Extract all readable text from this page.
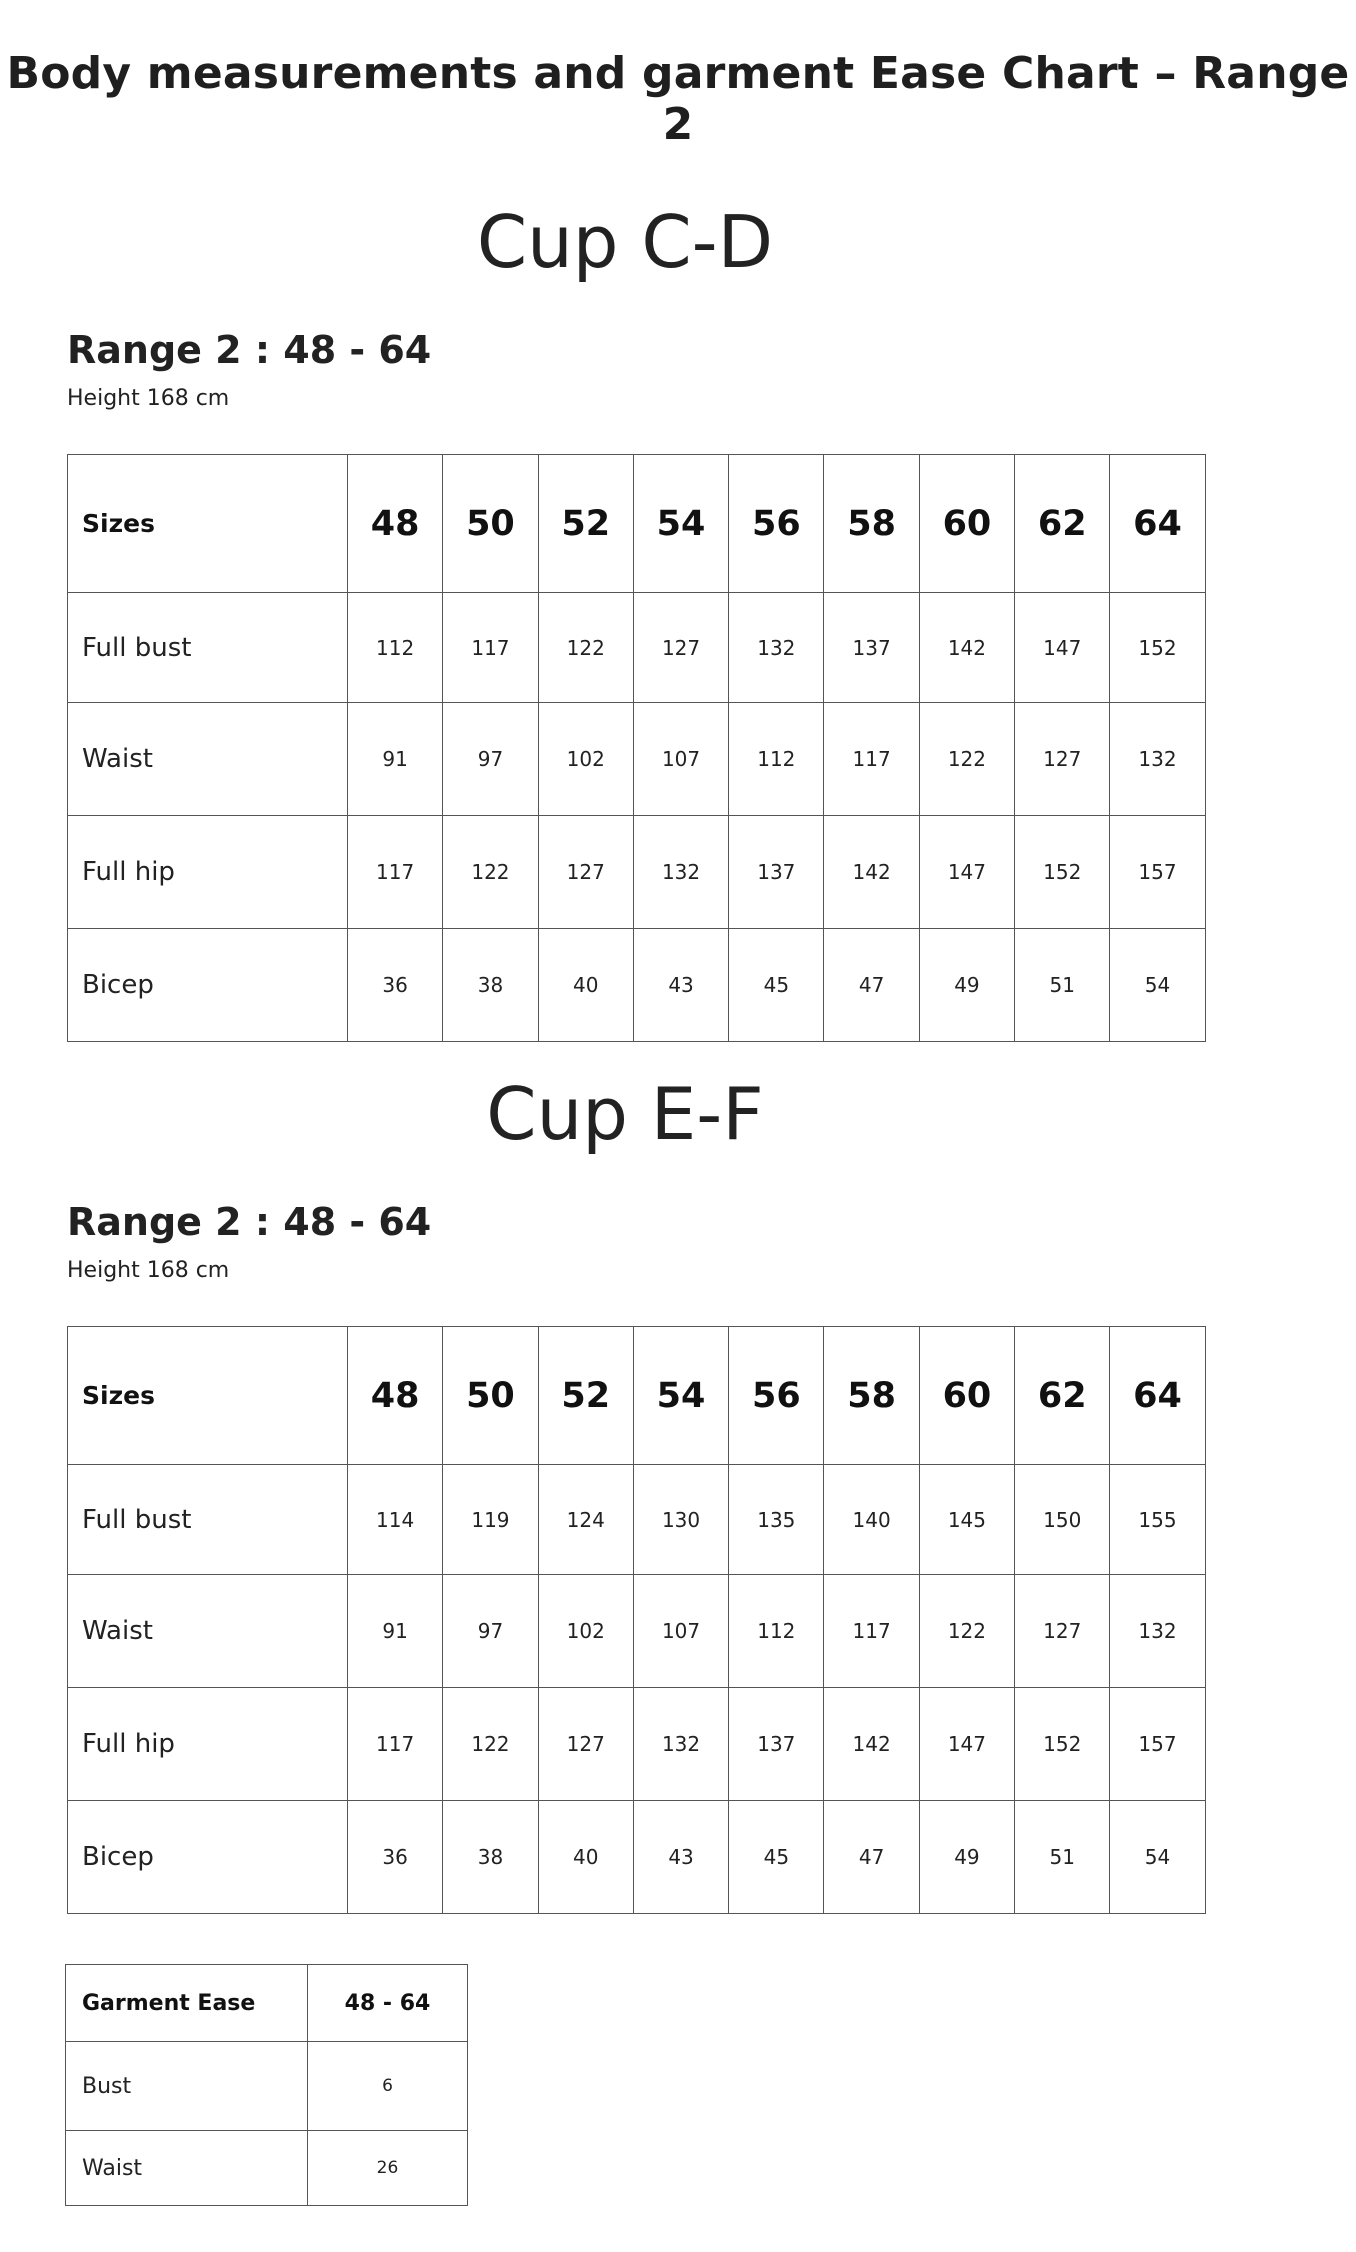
Body measurements and garment Ease Chart – Range 2
Cup C-D
Range 2 : 48 - 64

Height 168 cm

Sizes	48	50	52	54	56	58	60	62	64
Full bust	112	117	122	127	132	137	142	147	152
Waist	91	97	102	107	112	117	122	127	132
Full hip	117	122	127	132	137	142	147	152	157
Bicep	36	38	40	43	45	47	49	51	54
Cup E-F
Range 2 : 48 - 64

Height 168 cm

Sizes	48	50	52	54	56	58	60	62	64
Full bust	114	119	124	130	135	140	145	150	155
Waist	91	97	102	107	112	117	122	127	132
Full hip	117	122	127	132	137	142	147	152	157
Bicep	36	38	40	43	45	47	49	51	54
Garment Ease	48 - 64
Bust	6
Waist	26
